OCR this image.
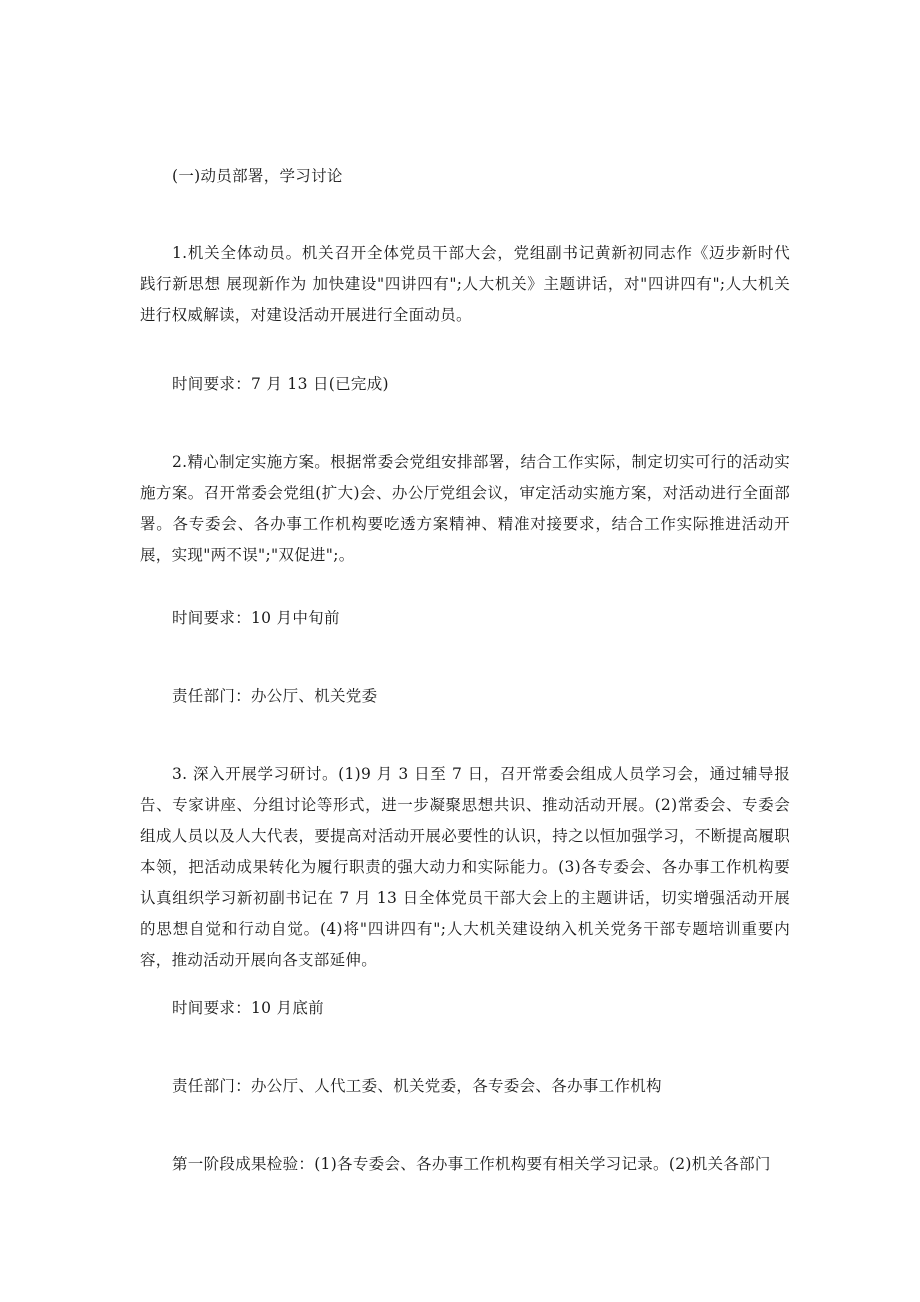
(一)动员部署，学习讨论

1.机关全体动员。机关召开全体党员干部大会，党组副书记黄新初同志作《迈步新时代 践行新思想 展现新作为 加快建设"四讲四有";人大机关》主题讲话，对"四讲四有";人大机关进行权威解读，对建设活动开展进行全面动员。

时间要求：7 月 13 日(已完成)

2.精心制定实施方案。根据常委会党组安排部署，结合工作实际，制定切实可行的活动实施方案。召开常委会党组(扩大)会、办公厅党组会议，审定活动实施方案，对活动进行全面部署。各专委会、各办事工作机构要吃透方案精神、精准对接要求，结合工作实际推进活动开展，实现"两不误";"双促进";。

时间要求：10 月中旬前

责任部门：办公厅、机关党委

3. 深入开展学习研讨。(1)9 月 3 日至 7 日，召开常委会组成人员学习会，通过辅导报告、专家讲座、分组讨论等形式，进一步凝聚思想共识、推动活动开展。(2)常委会、专委会组成人员以及人大代表，要提高对活动开展必要性的认识，持之以恒加强学习，不断提高履职本领，把活动成果转化为履行职责的强大动力和实际能力。(3)各专委会、各办事工作机构要认真组织学习新初副书记在 7 月 13 日全体党员干部大会上的主题讲话，切实增强活动开展的思想自觉和行动自觉。(4)将"四讲四有";人大机关建设纳入机关党务干部专题培训重要内容，推动活动开展向各支部延伸。

时间要求：10 月底前

责任部门：办公厅、人代工委、机关党委，各专委会、各办事工作机构

第一阶段成果检验：(1)各专委会、各办事工作机构要有相关学习记录。(2)机关各部门
